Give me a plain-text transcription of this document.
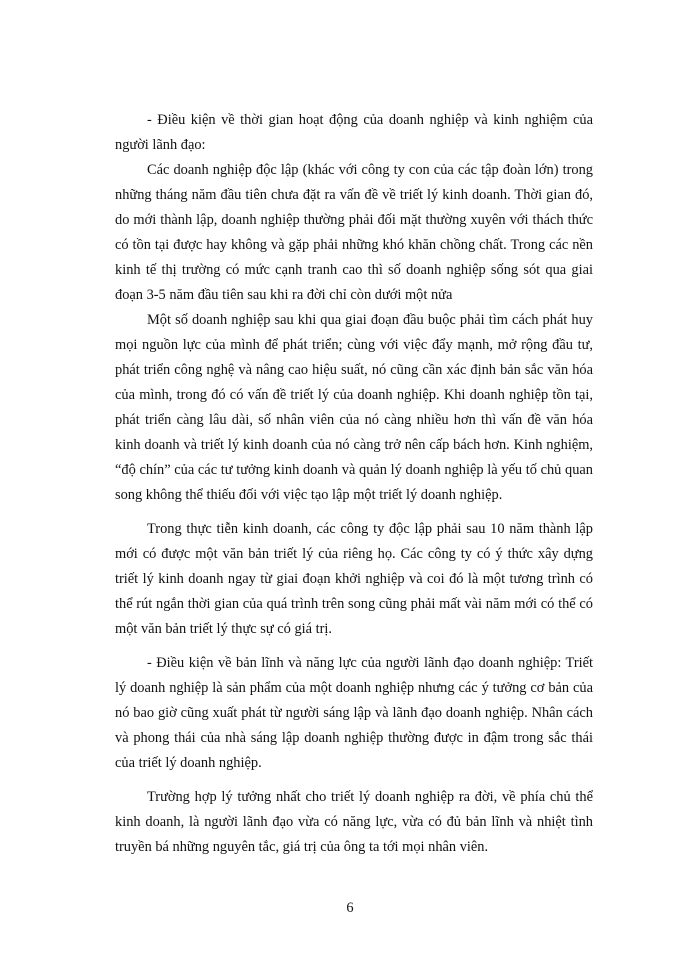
- Điều kiện về thời gian hoạt động của doanh nghiệp và kinh nghiệm của người lãnh đạo:

Các doanh nghiệp độc lập (khác với công ty con của các tập đoàn lớn) trong những tháng năm đầu tiên chưa đặt ra vấn đề về triết lý kinh doanh. Thời gian đó, do mới thành lập, doanh nghiệp thường phải đối mặt thường xuyên với thách thức có tồn tại được hay không và gặp phải những khó khăn chồng chất. Trong các nền kinh tế thị trường có mức cạnh tranh cao thì số doanh nghiệp sống sót qua giai đoạn 3-5 năm đầu tiên sau khi ra đời chỉ còn dưới một nửa

Một số doanh nghiệp sau khi qua giai đoạn đầu buộc phải tìm cách phát huy mọi nguồn lực của mình để phát triển; cùng với việc đẩy mạnh, mở rộng đầu tư, phát triển công nghệ và nâng cao hiệu suất, nó cũng cần xác định bản sắc văn hóa của mình, trong đó có vấn đề triết lý của doanh nghiệp. Khi doanh nghiệp tồn tại, phát triển càng lâu dài, số nhân viên của nó càng nhiều hơn thì vấn đề văn hóa kinh doanh và triết lý kinh doanh của nó càng trở nên cấp bách hơn. Kinh nghiệm, “độ chín” của các tư tưởng kinh doanh và quản lý doanh nghiệp là yếu tố chủ quan song không thể thiếu đối với việc tạo lập một triết lý doanh nghiệp.

Trong thực tiễn kinh doanh, các công ty độc lập phải sau 10 năm thành lập mới có được một văn bản triết lý của riêng họ. Các công ty có ý thức xây dựng triết lý kinh doanh ngay từ giai đoạn khởi nghiệp và coi đó là một tương trình có thể rút ngắn thời gian của quá trình trên song cũng phải mất vài năm mới có thể có một văn bản triết lý thực sự có giá trị.

- Điều kiện về bản lĩnh và năng lực của người lãnh đạo doanh nghiệp: Triết lý doanh nghiệp là sản phẩm của một doanh nghiệp nhưng các ý tưởng cơ bản của nó bao giờ cũng xuất phát từ người sáng lập và lãnh đạo doanh nghiệp. Nhân cách và phong thái của nhà sáng lập doanh nghiệp thường được in đậm trong sắc thái của triết lý doanh nghiệp.

Trường hợp lý tưởng nhất cho triết lý doanh nghiệp ra đời, về phía chủ thể kinh doanh, là người lãnh đạo vừa có năng lực, vừa có đủ bản lĩnh và nhiệt tình truyền bá những nguyên tắc, giá trị của ông ta tới mọi nhân viên.

6
